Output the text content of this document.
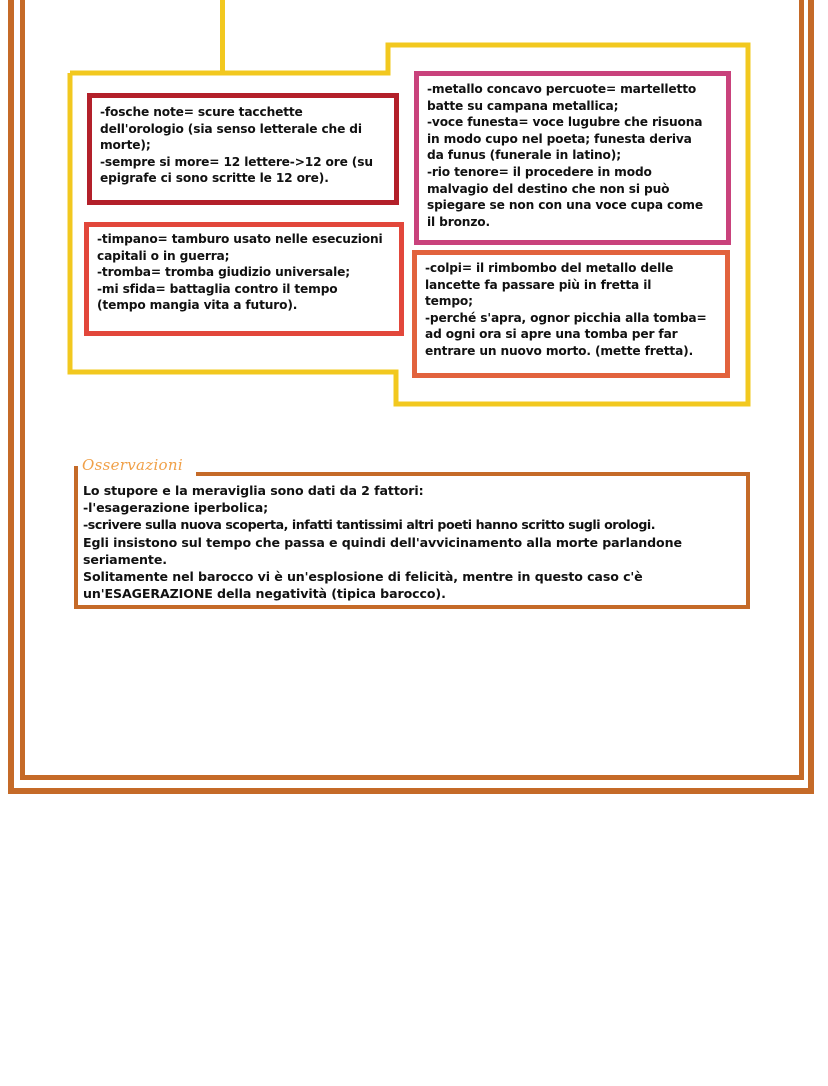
-fosche note= scure tacchette
dell'orologio (sia senso letterale che di
morte);
-sempre si more= 12 lettere->12 ore (su
epigrafe ci sono scritte le 12 ore).
-timpano= tamburo usato nelle esecuzioni
capitali o in guerra;
-tromba= tromba giudizio universale;
-mi sfida= battaglia contro il tempo
(tempo mangia vita a futuro).
-metallo concavo percuote= martelletto
batte su campana metallica;
-voce funesta= voce lugubre che risuona
in modo cupo nel poeta; funesta deriva
da funus (funerale in latino);
-rio tenore= il procedere in modo
malvagio del destino che non si può
spiegare se non con una voce cupa come
il bronzo.
-colpi= il rimbombo del metallo delle
lancette fa passare più in fretta il
tempo;
-perché s'apra, ognor picchia alla tomba=
ad ogni ora si apre una tomba per far
entrare un nuovo morto. (mette fretta).
Osservazioni
Lo stupore e la meraviglia sono dati da 2 fattori:
-l'esagerazione iperbolica;
-scrivere sulla nuova scoperta, infatti tantissimi altri poeti hanno scritto sugli orologi.
Egli insistono sul tempo che passa e quindi dell'avvicinamento alla morte parlandone
seriamente.
Solitamente nel barocco vi è un'esplosione di felicità, mentre in questo caso c'è
un'ESAGERAZIONE della negatività (tipica barocco).
